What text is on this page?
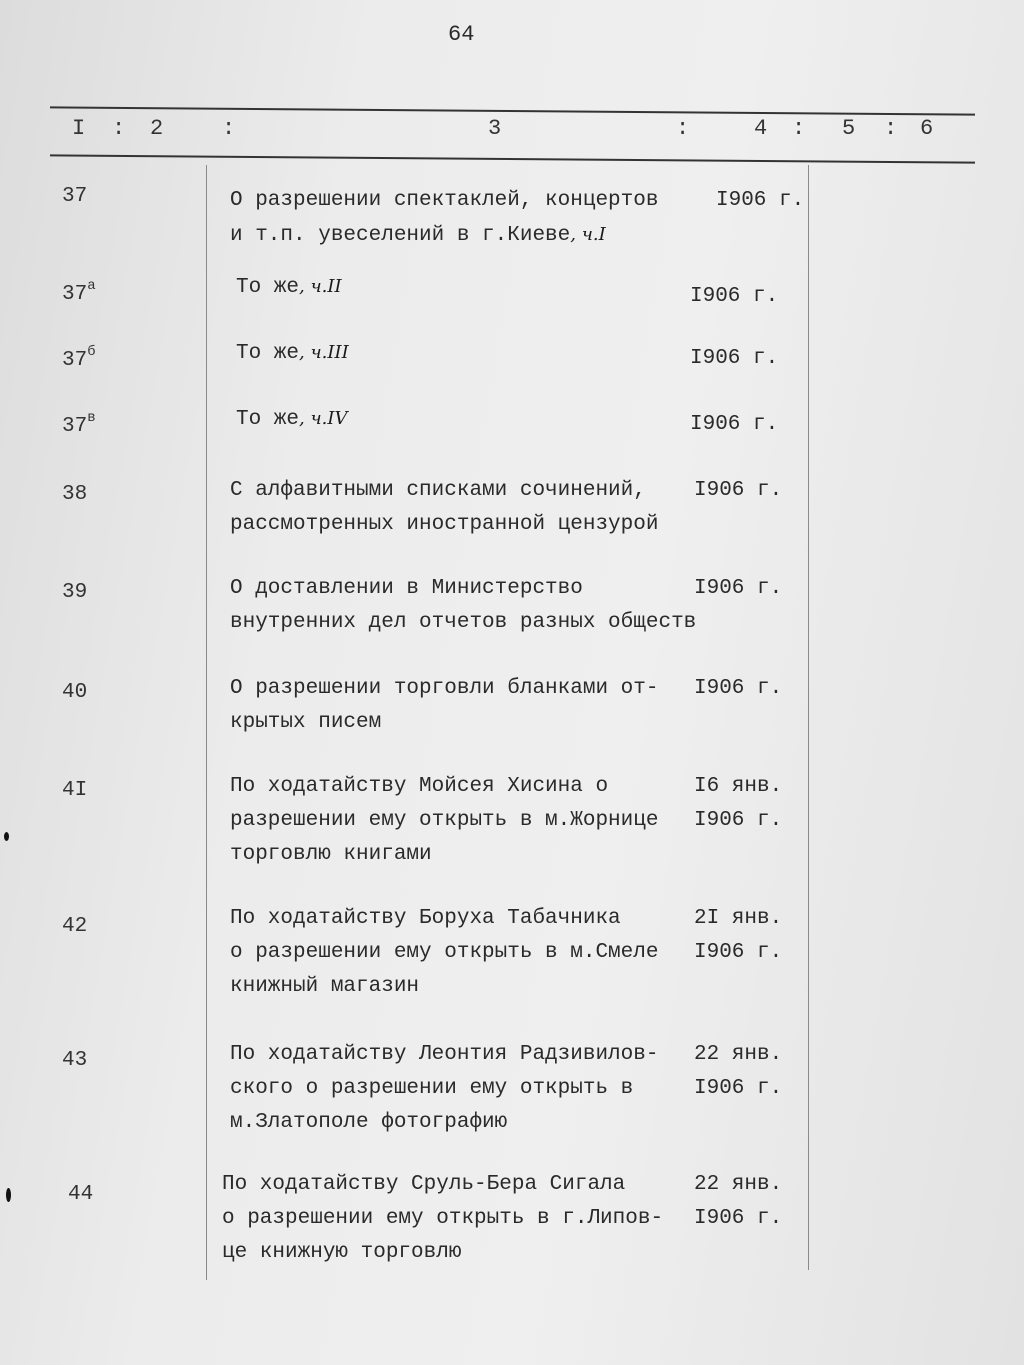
64
I : 2	:	3	:	4 : 5 : 6
37	О разрешении спектаклей, концертов
и т.п. увеселений в г.Киеве, ч.I
I906 г.
$37^а$	То же, ч.II	I906 г.
$37^б$	То же, ч.III	I906 г.
$37^в$	То же, ч.IV	I906 г.
38	С алфавитными списками сочинений,
рассмотренных иностранной цензурой
I906 г.
39	О доставлении в Министерство
внутренних дел отчетов разных обществ
I906 г.
40	О разрешении торговли бланками от-
крытых писем
I906 г.
4I	По ходатайству Мойсея Хисина о
разрешении ему открыть в м.Жорнице
торговлю книгами
I6 янв.
I906 г.
42	По ходатайству Боруха Табачника
о разрешении ему открыть в м.Смеле
книжный магазин
2I янв.
I906 г.
43	По ходатайству Леонтия Радзивилов-
ского о разрешении ему открыть в
м.Златополе фотографию
22 янв.
I906 г.
44	По ходатайству Сруль-Бера Сигала
о разрешении ему открыть в г.Липов-
це книжную торговлю
22 янв.
I906 г.
